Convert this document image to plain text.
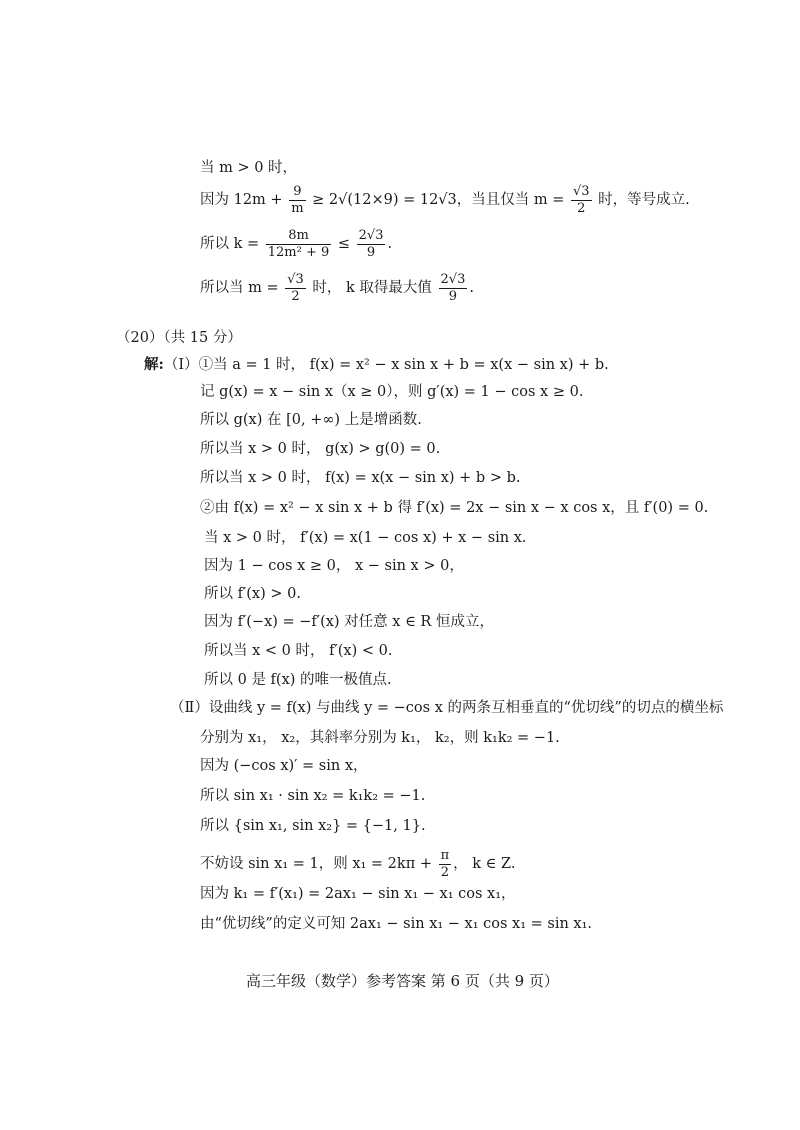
当 m > 0 时，
因为 $12m + \frac{9}{m} \ge 2√(12\times 9) = 12√3$，当且仅当 $m = \frac{√3}{2}$ 时，等号成立.
所以 $k = \frac{8m}{\text{12m² + 9}} \le \frac{2√3}{9}$ .
所以当 $m = \frac{√3}{2}$ 时， k 取得最大值 $\frac{2√3}{9}$ .
（20）（共 15 分）
解:（Ⅰ）①当 a = 1 时， f(x) = x² − x sin x + b = x(x − sin x) + b.
记 g(x) = x − sin x（x ≥ 0），则 g′(x) = 1 − cos x ≥ 0.
所以 g(x) 在 [0, +∞) 上是增函数.
所以当 x > 0 时， g(x) > g(0) = 0.
所以当 x > 0 时， f(x) = x(x − sin x) + b > b.
②由 f(x) = x² − x sin x + b 得 f′(x) = 2x − sin x − x cos x，且 f′(0) = 0.
当 x > 0 时， f′(x) = x(1 − cos x) + x − sin x.
因为 1 − cos x ≥ 0， x − sin x > 0，
所以 f′(x) > 0.
因为 f′(−x) = −f′(x) 对任意 x ∈ R 恒成立，
所以当 x < 0 时， f′(x) < 0.
所以 0 是 f(x) 的唯一极值点.
（Ⅱ）设曲线 y = f(x) 与曲线 y = −cos x 的两条互相垂直的“优切线”的切点的横坐标
分别为 x₁， x₂，其斜率分别为 k₁， k₂，则 k₁k₂ = −1.
因为 (−cos x)′ = sin x，
所以 sin x₁ · sin x₂ = k₁k₂ = −1.
所以 {sin x₁, sin x₂} = {−1, 1}.
不妨设 sin x₁ = 1，则 $x_1 = 2k\pi + \frac{\pi}{2}$ ， k ∈ Z.
因为 k₁ = f′(x₁) = 2ax₁ − sin x₁ − x₁ cos x₁，
由“优切线”的定义可知 2ax₁ − sin x₁ − x₁ cos x₁ = sin x₁.
高三年级（数学）参考答案 第 6 页（共 9 页）
